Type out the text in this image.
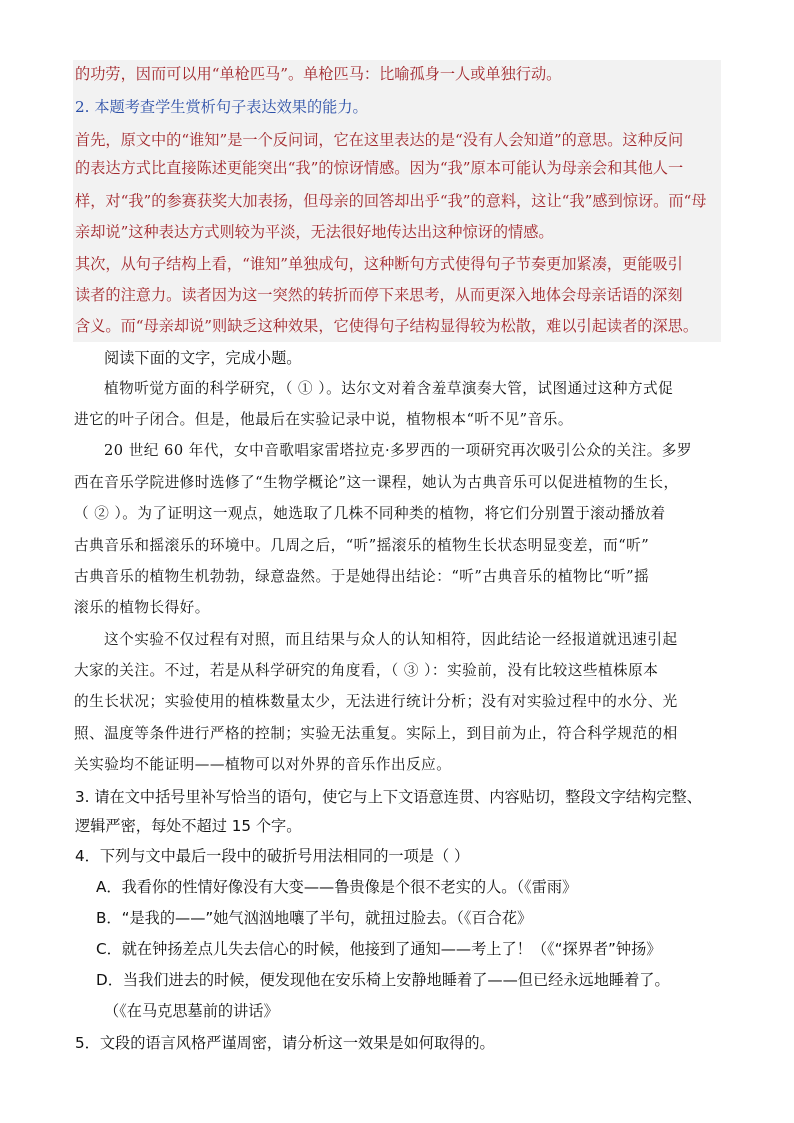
的功劳，因而可以用“单枪匹马”。单枪匹马：比喻孤身一人或单独行动。
2. 本题考查学生赏析句子表达效果的能力。
首先，原文中的“谁知”是一个反问词，它在这里表达的是“没有人会知道”的意思。这种反问
的表达方式比直接陈述更能突出“我”的惊讶情感。因为“我”原本可能认为母亲会和其他人一
样，对“我”的参赛获奖大加表扬，但母亲的回答却出乎“我”的意料，这让“我”感到惊讶。而“母
亲却说”这种表达方式则较为平淡，无法很好地传达出这种惊讶的情感。
其次，从句子结构上看，“谁知”单独成句，这种断句方式使得句子节奏更加紧凑，更能吸引
读者的注意力。读者因为这一突然的转折而停下来思考，从而更深入地体会母亲话语的深刻
含义。而“母亲却说”则缺乏这种效果，它使得句子结构显得较为松散，难以引起读者的深思。
阅读下面的文字，完成小题。
植物听觉方面的科学研究，（ ① ）。达尔文对着含羞草演奏大管，试图通过这种方式促
进它的叶子闭合。但是，他最后在实验记录中说，植物根本“听不见”音乐。
20 世纪 60 年代，女中音歌唱家雷塔拉克·多罗西的一项研究再次吸引公众的关注。多罗
西在音乐学院进修时选修了“生物学概论”这一课程，她认为古典音乐可以促进植物的生长，
（ ② ）。为了证明这一观点，她选取了几株不同种类的植物，将它们分别置于滚动播放着
古典音乐和摇滚乐的环境中。几周之后，“听”摇滚乐的植物生长状态明显变差，而“听”
古典音乐的植物生机勃勃，绿意盎然。于是她得出结论：“听”古典音乐的植物比“听”摇
滚乐的植物长得好。
这个实验不仅过程有对照，而且结果与众人的认知相符，因此结论一经报道就迅速引起
大家的关注。不过，若是从科学研究的角度看，（ ③ ）：实验前，没有比较这些植株原本
的生长状况；实验使用的植株数量太少，无法进行统计分析；没有对实验过程中的水分、光
照、温度等条件进行严格的控制；实验无法重复。实际上，到目前为止，符合科学规范的相
关实验均不能证明——植物可以对外界的音乐作出反应。
3. 请在文中括号里补写恰当的语句，使它与上下文语意连贯、内容贴切，整段文字结构完整、
逻辑严密，每处不超过 15 个字。
4．下列与文中最后一段中的破折号用法相同的一项是（ ）
A．我看你的性情好像没有大变——鲁贵像是个很不老实的人。（《雷雨》
B．“是我的——”她气汹汹地嚷了半句，就扭过脸去。（《百合花》
C．就在钟扬差点儿失去信心的时候，他接到了通知——考上了！（《“探界者”钟扬》
D．当我们进去的时候，便发现他在安乐椅上安静地睡着了——但已经永远地睡着了。
（《在马克思墓前的讲话》
5．文段的语言风格严谨周密，请分析这一效果是如何取得的。
